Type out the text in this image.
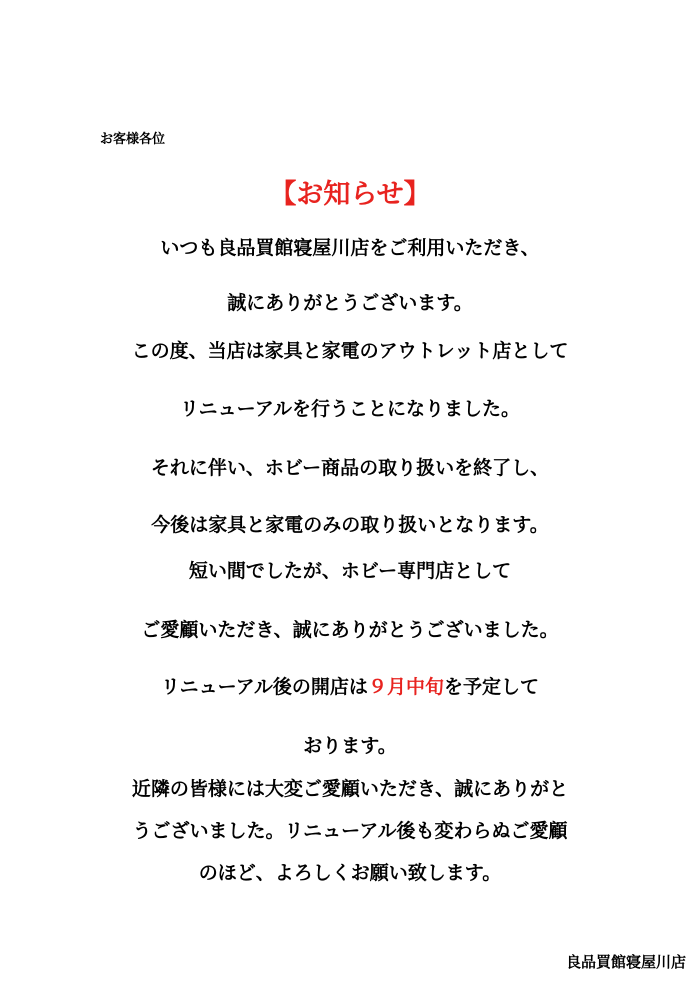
お客様各位
【お知らせ】
いつも良品買館寝屋川店をご利用いただき、
誠にありがとうございます。
この度、当店は家具と家電のアウトレット店として
リニューアルを行うことになりました。
それに伴い、ホビー商品の取り扱いを終了し、
今後は家具と家電のみの取り扱いとなります。
短い間でしたが、ホビー専門店として
ご愛顧いただき、誠にありがとうございました。
リニューアル後の開店は９月中旬を予定して
おります。
近隣の皆様には大変ご愛顧いただき、誠にありがと
うございました。リニューアル後も変わらぬご愛顧
のほど、よろしくお願い致します。
良品買館寝屋川店
